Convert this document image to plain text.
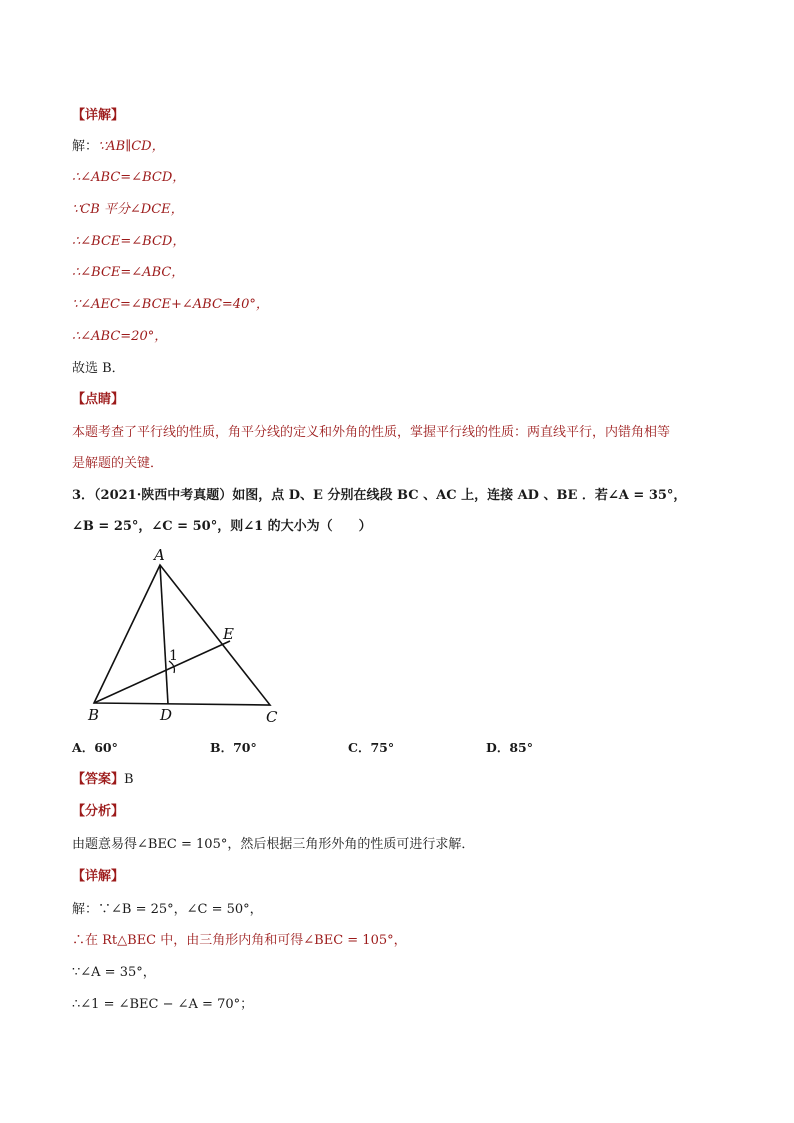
【详解】
解：∵AB∥CD，
∴∠ABC=∠BCD，
∵CB 平分∠DCE，
∴∠BCE=∠BCD，
∴∠BCE=∠ABC，
∵∠AEC=∠BCE+∠ABC=40°，
∴∠ABC=20°，
故选 B．
【点睛】
本题考查了平行线的性质，角平分线的定义和外角的性质，掌握平行线的性质：两直线平行，内错角相等
是解题的关键．
3．（2021·陕西中考真题）如图，点 D、E 分别在线段 BC 、AC 上，连接 AD 、BE ．若∠A = 35°，
∠B = 25°，∠C = 50°，则∠1 的大小为（　　）
A
B	C
D
E
1
A．60°	B．70°	C．75°	D．85°
【答案】B
【分析】
由题意易得∠BEC = 105°，然后根据三角形外角的性质可进行求解．
【详解】
解：∵∠B = 25°，∠C = 50°，
∴在 Rt△BEC 中，由三角形内角和可得∠BEC = 105°，
∵∠A = 35°，
∴∠1 = ∠BEC − ∠A = 70°；
